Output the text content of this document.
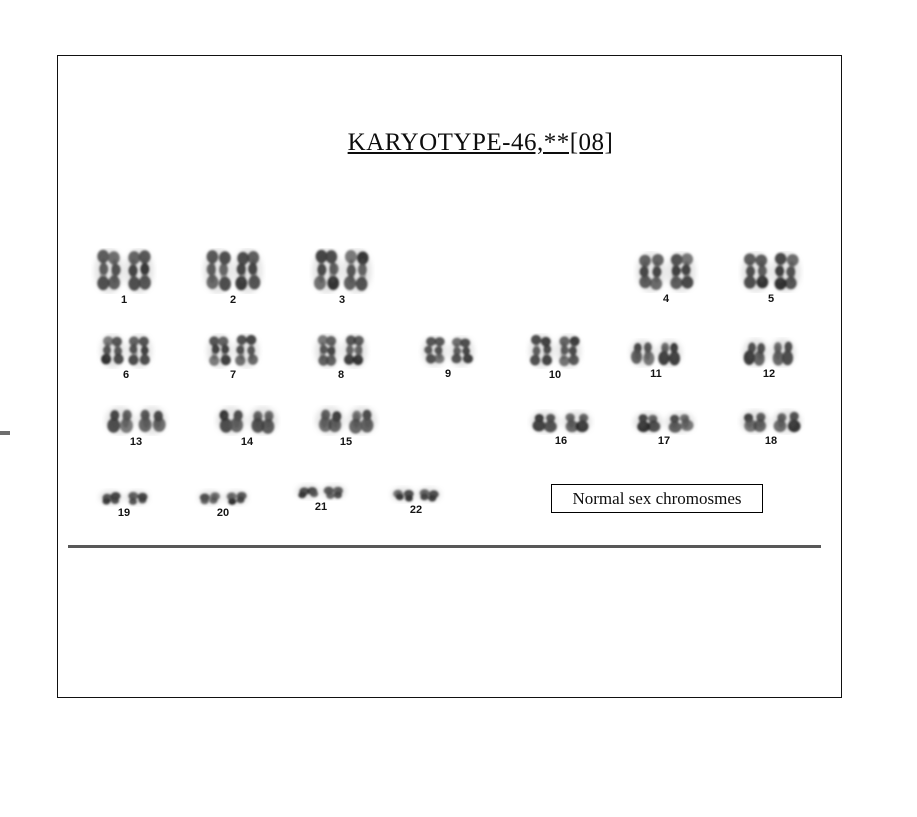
KARYOTYPE-46,**[08]
1	2	3	4	5
6	7	8	9	10	11	12
13	14	15	16	17	18
19	20	21	22
Normal sex chromosmes
